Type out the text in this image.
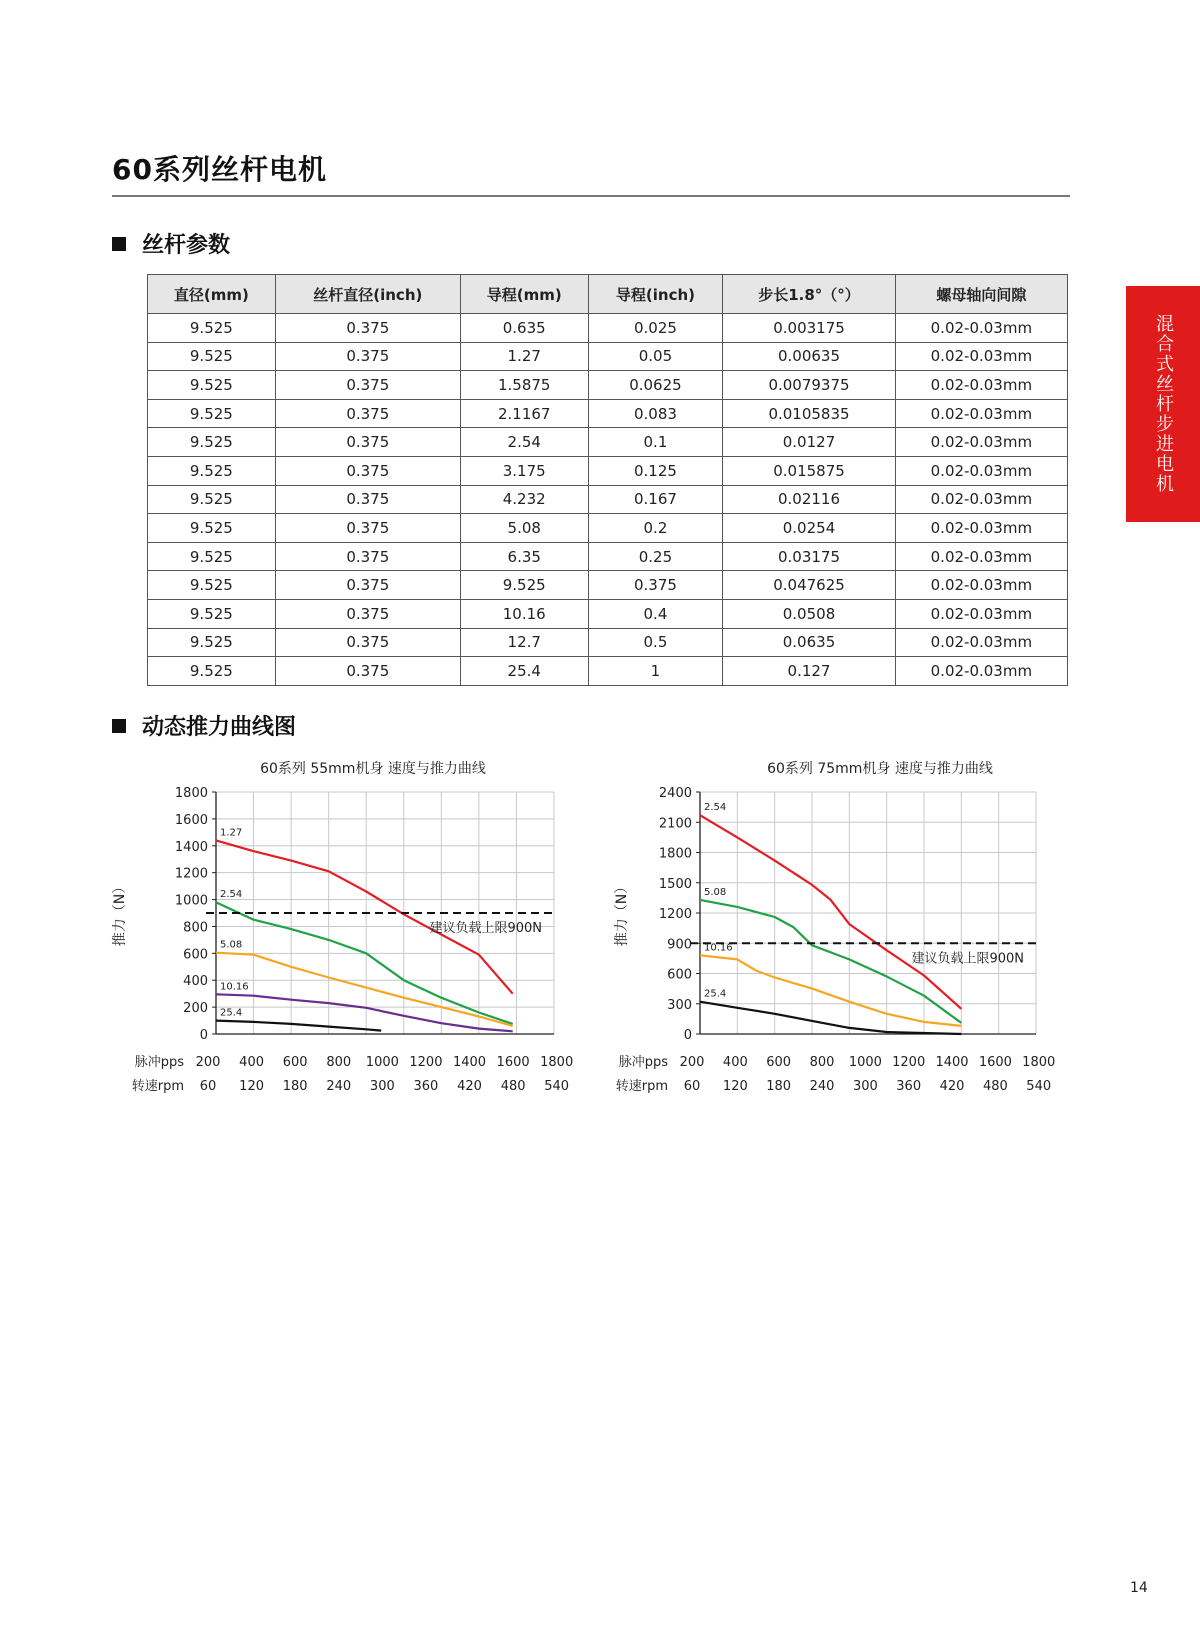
60系列丝杆电机
丝杆参数
混合式丝杆步进电机
直径(mm)	丝杆直径(inch)	导程(mm)	导程(inch)	步长1.8°（°）	螺母轴向间隙
9.525	0.375	0.635	0.025	0.003175	0.02-0.03mm
9.525	0.375	1.27	0.05	0.00635	0.02-0.03mm
9.525	0.375	1.5875	0.0625	0.0079375	0.02-0.03mm
9.525	0.375	2.1167	0.083	0.0105835	0.02-0.03mm
9.525	0.375	2.54	0.1	0.0127	0.02-0.03mm
9.525	0.375	3.175	0.125	0.015875	0.02-0.03mm
9.525	0.375	4.232	0.167	0.02116	0.02-0.03mm
9.525	0.375	5.08	0.2	0.0254	0.02-0.03mm
9.525	0.375	6.35	0.25	0.03175	0.02-0.03mm
9.525	0.375	9.525	0.375	0.047625	0.02-0.03mm
9.525	0.375	10.16	0.4	0.0508	0.02-0.03mm
9.525	0.375	12.7	0.5	0.0635	0.02-0.03mm
9.525	0.375	25.4	1	0.127	0.02-0.03mm
动态推力曲线图
60系列 55mm机身 速度与推力曲线
0
200
400
600
800
1000
1200
1400
1600
1800
推力（N）
脉冲pps
转速rpm
200 400 600 800 1000 1200 1400 1600 1800
60 120 180 240 300 360 420 480 540
1.27
2.54
5.08
10.16
25.4
建议负载上限900N
60系列 75mm机身 速度与推力曲线
0
300
600
900
1200
1500
1800
2100
2400
推力（N）
脉冲pps
转速rpm
200 400 600 800 1000 1200 1400 1600 1800
60 120 180 240 300 360 420 480 540
2.54
5.08
10.16
25.4
建议负载上限900N
14
